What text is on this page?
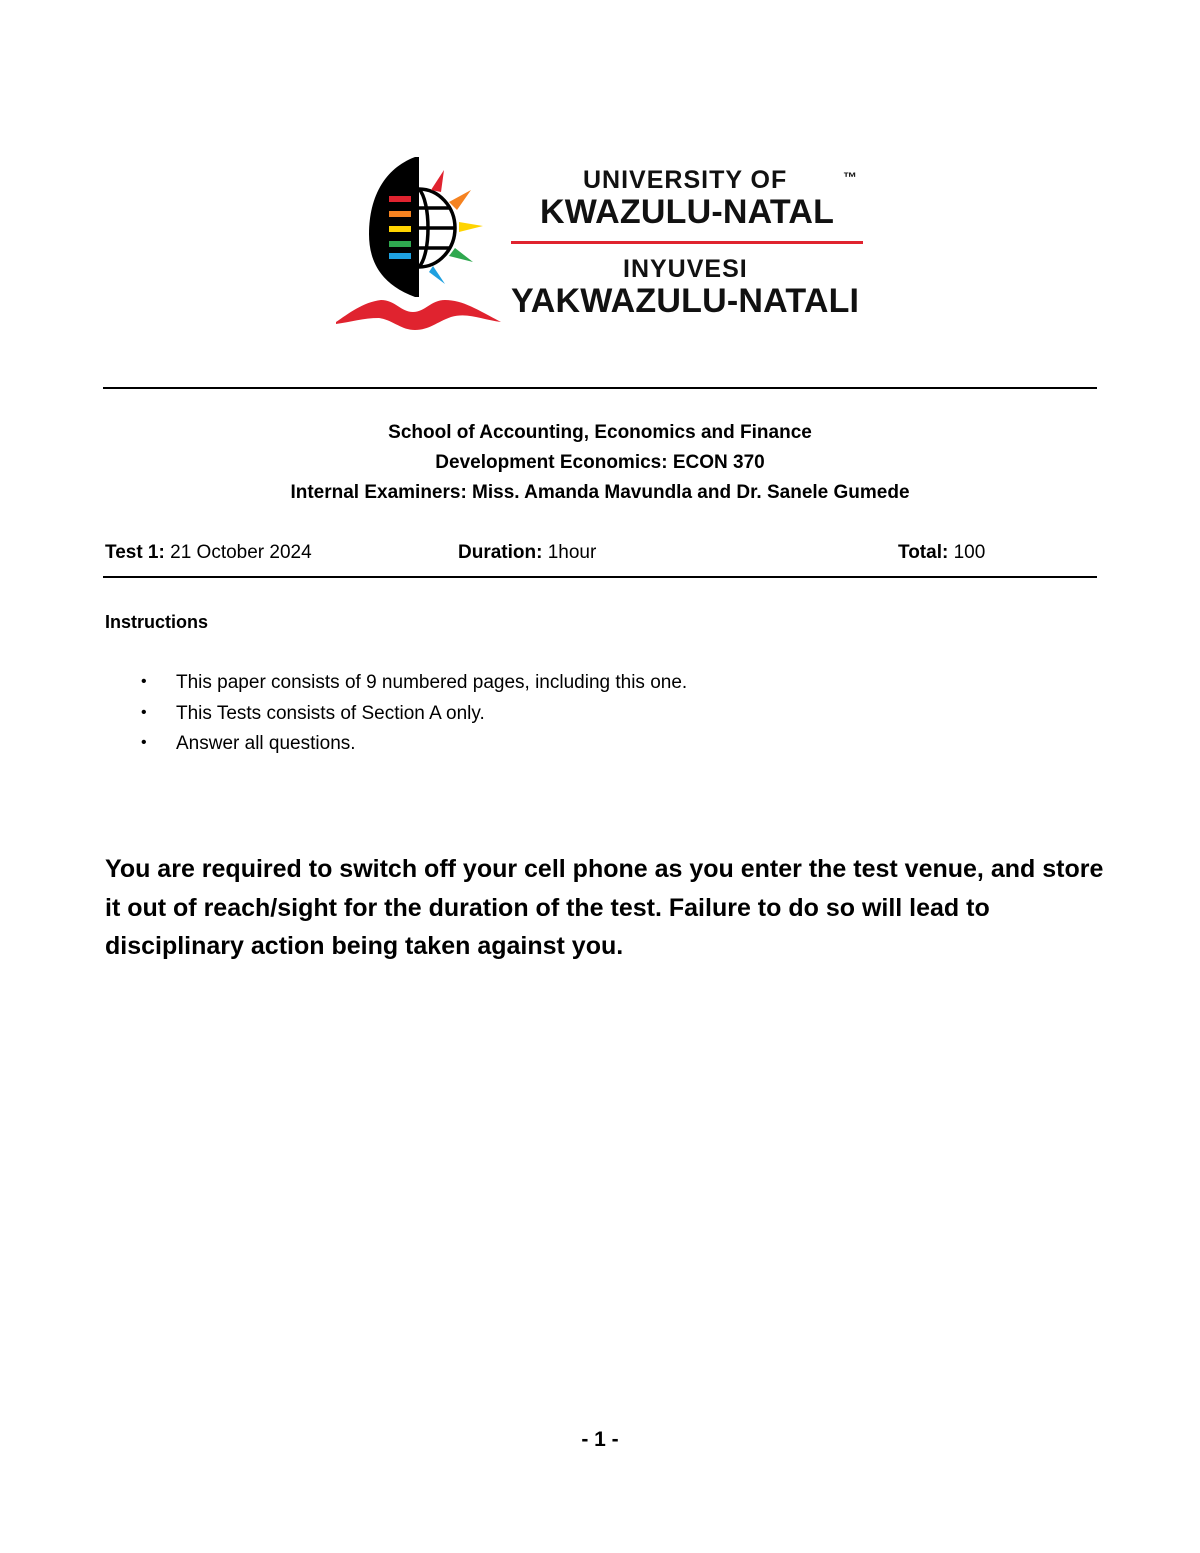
UNIVERSITY OF	™
KWAZULU-NATAL
INYUVESI
YAKWAZULU-NATALI
School of Accounting, Economics and Finance
Development Economics: ECON 370
Internal Examiners: Miss. Amanda Mavundla and Dr. Sanele Gumede
Test 1: 21 October 2024	Duration: 1hour	Total: 100
Instructions
• This paper consists of 9 numbered pages, including this one.
• This Tests consists of Section A only.
• Answer all questions.
You are required to switch off your cell phone as you enter the test venue, and store it out of reach/sight for the duration of the test. Failure to do so will lead to disciplinary action being taken against you.
- 1 -
